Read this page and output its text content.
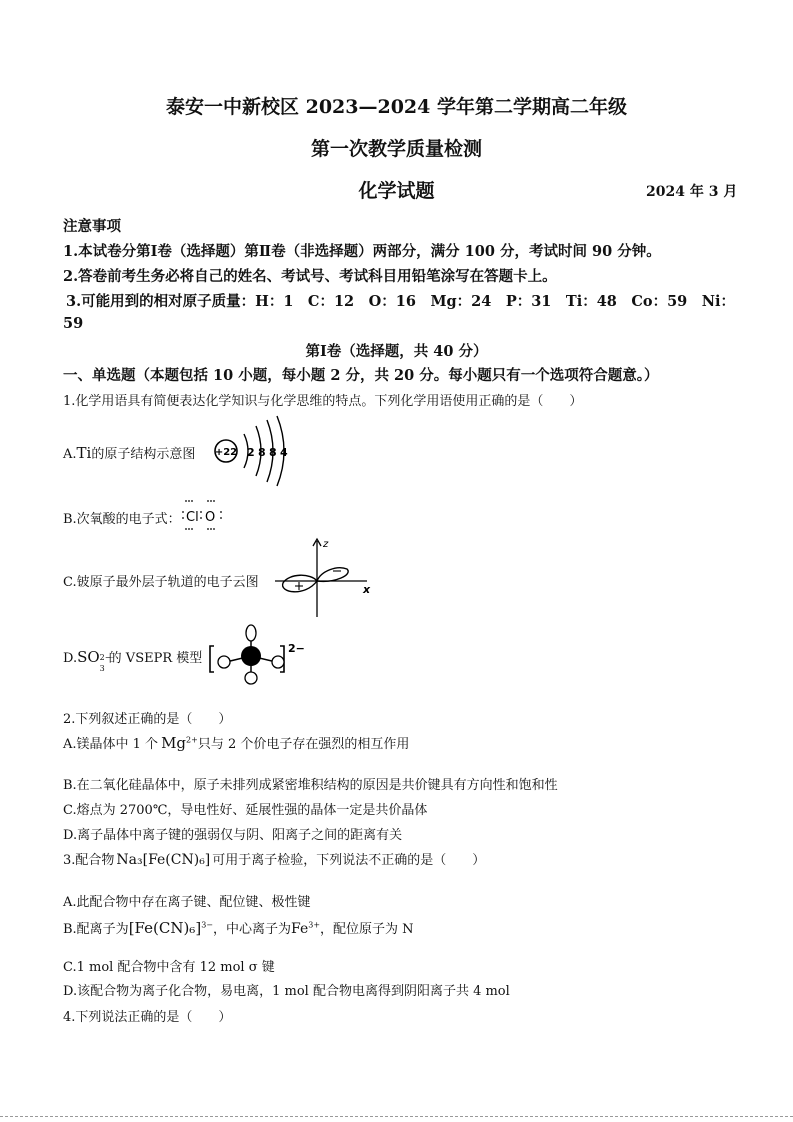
泰安一中新校区 2023—2024 学年第二学期高二年级
第一次教学质量检测
化学试题	2024 年 3 月
注意事项
1.本试卷分第Ⅰ卷（选择题）第Ⅱ卷（非选择题）两部分，满分 100 分，考试时间 90 分钟。
2.答卷前考生务必将自己的姓名、考试号、考试科目用铅笔涂写在答题卡上。
3.可能用到的相对原子质量：H：1　C：12　O：16　Mg：24　P：31　Ti：48　Co：59　Ni：
59
第Ⅰ卷（选择题，共 40 分）
一、单选题（本题包括 10 小题，每小题 2 分，共 20 分。每小题只有一个选项符合题意。）
1.化学用语具有简便表达化学知识与化学思维的特点。下列化学用语使用正确的是（　　）
A.Ti的原子结构示意图 +22 2 8 8 4
B.次氧酸的电子式： Cl O
C.铍原子最外层子轨道的电子云图
z
x
D.SO 2−
3
的 VSEPR 模型
2−
2.下列叙述正确的是（　　）
A.镁晶体中 1 个 $Mg^{2+}$只与 2 个价电子存在强烈的相互作用
B.在二氧化硅晶体中，原子未排列成紧密堆积结构的原因是共价键具有方向性和饱和性
C.熔点为 2700℃，导电性好、延展性强的晶体一定是共价晶体
D.离子晶体中离子键的强弱仅与阴、阳离子之间的距离有关
3.配合物 Na₃[Fe(CN)₆] 可用于离子检验，下列说法不正确的是（　　）
A.此配合物中存在离子键、配位键、极性键
B.配离子为$[Fe(CN)_6]^{3-}$，中心离子为$Fe^{3+}$，配位原子为 N
C.1 mol 配合物中含有 12 mol σ 键
D.该配合物为离子化合物，易电离，1 mol 配合物电离得到阴阳离子共 4 mol
4.下列说法正确的是（　　）
